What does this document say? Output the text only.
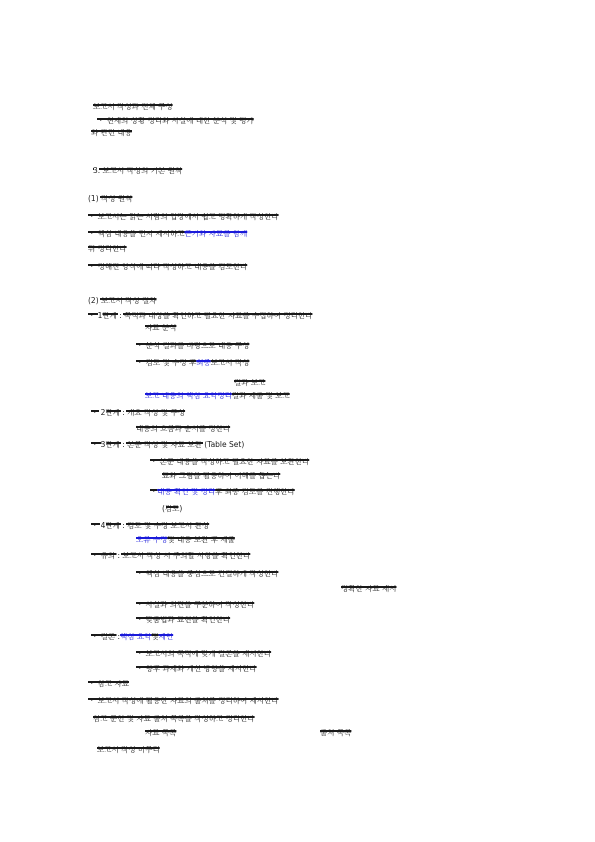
보고서 작성과 전체 구성
ㆍ 현재의 상황 정리와 사실에 대한 분석 및 평가
와 관련 내용
3. 보고서 작성의 기본 원칙
(1) 작성 원칙
ㆍ 보고서는 읽는 사람의 입장에서 쉽고 명확하게 작성한다
ㆍ 핵심 내용을 먼저 제시하고근거와 자료를 함께
뒤 정리한다
ㆍ 정해진 양식에 따라 작성하고 내용을 검토한다
(2) 보고서 작성 절차
ㆍ 1단계 : 목적과 대상을 확인하고 필요한 자료를 수집하여 정리한다
자료 분석
ㆍ 분석 결과를 바탕으로 내용 구성
ㆍ 검토 및 수정 후최종보고서 작성
결과 보고
보고 내용의 핵심 요약정리결과 제출 및 보고
ㆍ 2단계 : 개요 작성 및 구성
내용의 흐름과 순서를 정한다
ㆍ 3단계 : 본문 작성 및 자료 보완 (Table Set)
ㆍ 본문 내용을 작성하고 필요한 자료를 보완한다
표와 그림을 활용하여 이해를 돕는다
ㆍ내용 확인 및 정리후 최종 검토를 진행한다
(검토)
ㆍ 4단계 : 검토 및 수정 보고서 완성
오류 수정및 내용 보완 후 제출
ㆍ 유의 : 보고서 작성 시 주의할 사항을 확인한다
ㆍ 핵심 내용을 중심으로 간결하게 작성한다
정확한 자료 제시
ㆍ 사실과 의견을 구분하여 작성한다
ㆍ 맞춤법과 표현을 확인한다
ㆍ 결론 :핵심 요약및제언
ㆍ 보고서의 목적에 맞게 결론을 제시한다
ㆍ 향후 과제와 개선 방향을 제시한다
ㆍ 참고 자료
ㆍ 보고서 작성에 활용한 자료의 출처를 정리하여 제시한다
참고 문헌 및 자료 출처 목록을 작성하고 정리한다
자료 목록	출처 목록
보고서 작성 마무리
